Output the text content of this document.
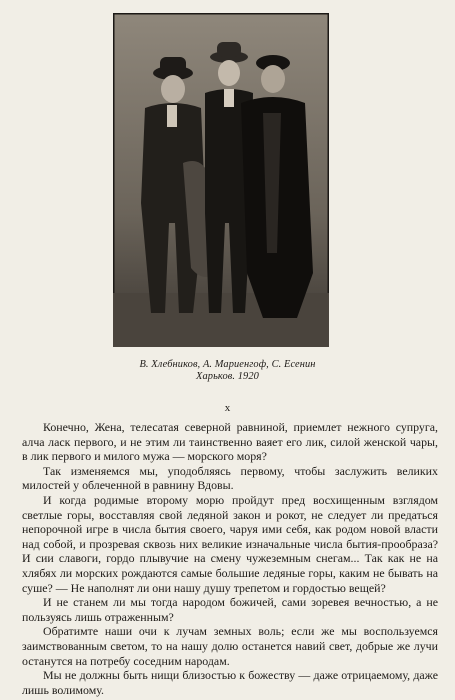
В. Хлебников, А. Мариенгоф, С. Есенин
Харьков. 1920
x

Конечно, Жена, телесатая северной равниной, приемлет нежного супруга, алча ласк первого, и не этим ли таинственно ваяет его лик, силой женской чары, в лик первого и милого мужа — морского моря?

Так изменяемся мы, уподобляясь первому, чтобы заслужить великих милостей у облеченной в равнину Вдовы.

И когда родимые второму морю пройдут пред восхищенным взглядом светлые горы, восставляя свой ледяной закон и рокот, не следует ли предаться непорочной игре в числа бытия своего, чаруя ими себя, как родом новой власти над собой, и прозревая сквозь них великие изначальные числа бытия-прообраза? И сии славоги, гордо плывучие на смену чужеземным снегам... Так как не на хлябях ли морских рождаются самые большие ледяные горы, каким не бывать на суше? — Не наполнят ли они нашу душу трепетом и гордостью вещей?

И не станем ли мы тогда народом божичей, сами зоревея вечностью, а не пользуясь лишь отраженным?

Обратимте наши очи к лучам земных воль; если же мы воспользуемся заимствованным светом, то на нашу долю останется навий свет, добрые же лучи останутся на потребу соседним народам.

Мы не должны быть нищи близостью к божеству — даже отрицаемому, даже лишь волимому.
